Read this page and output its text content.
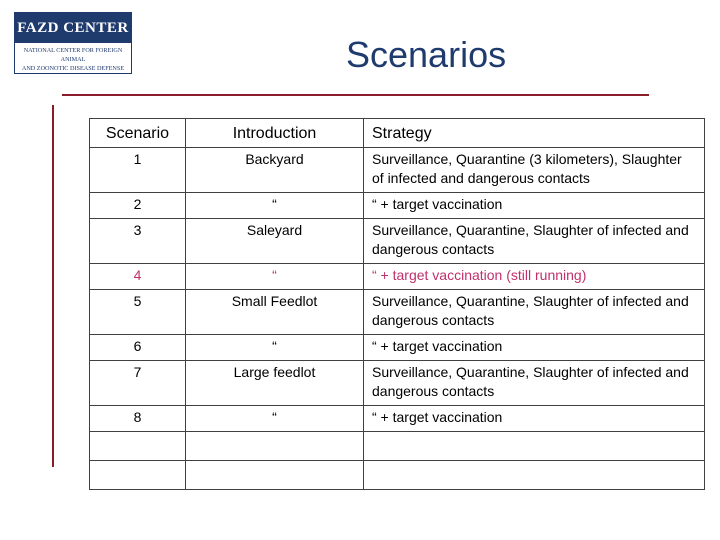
FAZD CENTER
NATIONAL CENTER FOR FOREIGN ANIMAL
AND ZOONOTIC DISEASE DEFENSE	Scenarios
Scenario	Introduction	Strategy
1	Backyard	Surveillance, Quarantine (3 kilometers), Slaughter of infected and dangerous contacts
2	“	“ + target vaccination
3	Saleyard	Surveillance, Quarantine, Slaughter of infected and dangerous contacts
4	“	“ + target vaccination (still running)
5	Small Feedlot	Surveillance, Quarantine, Slaughter of infected and dangerous contacts
6	“	“ + target vaccination
7	Large feedlot	Surveillance, Quarantine, Slaughter of infected and dangerous contacts
8	“	“ + target vaccination
